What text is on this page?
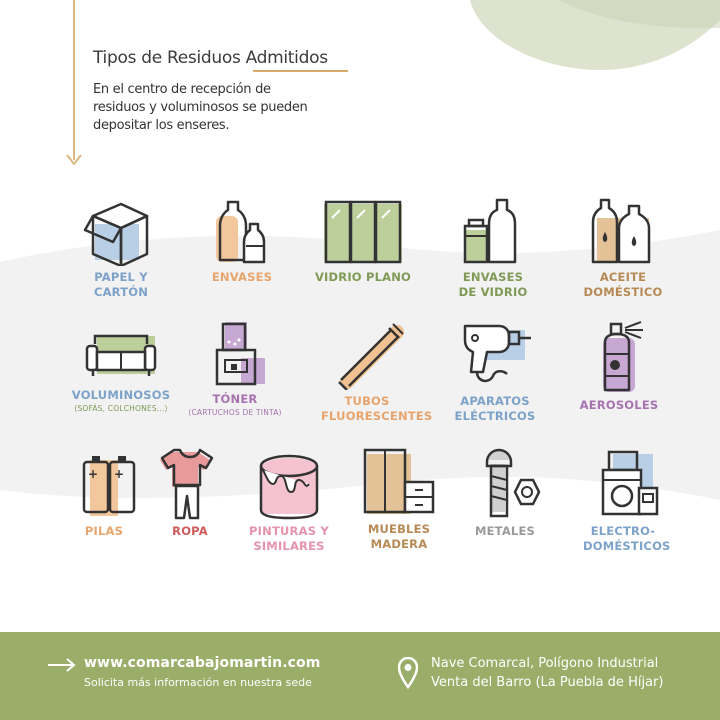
Tipos de Residuos Admitidos
En el centro de recepción de residuos y voluminosos se pueden depositar los enseres.
PAPEL Y CARTÓN
ENVASES	VIDRIO PLANO	ENVASES DE VIDRIO
ACEITE DOMÉSTICO
VOLUMINOSOS
(SOFÁS, COLCHONES...)
TÓNER
(CARTUCHOS DE TINTA)
TUBOS FLUORESCENTES
APARATOS ELÉCTRICOS
AEROSOLES
+ +
PILAS	ROPA	PINTURAS Y SIMILARES
MUEBLES MADERA
METALES	ELECTRO- DOMÉSTICOS
www.comarcabajomartin.com
Solicita más información en nuestra sede
Nave Comarcal, Polígono Industrial
Venta del Barro (La Puebla de Híjar)
